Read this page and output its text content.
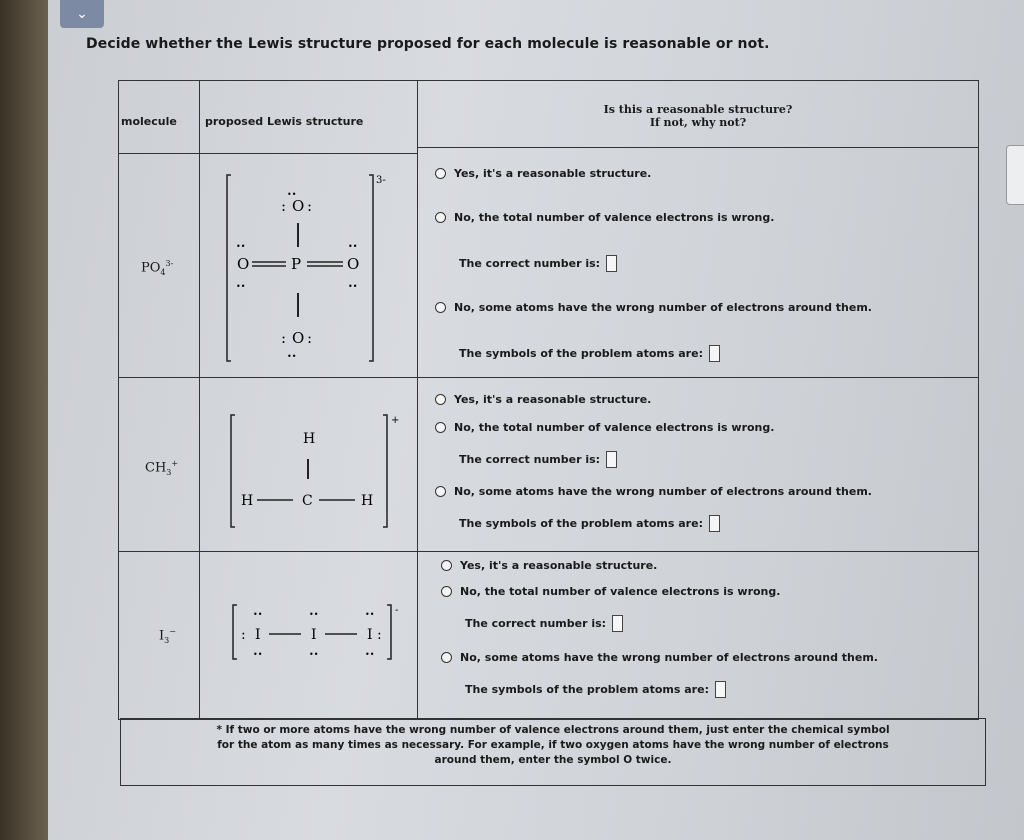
⌄
Decide whether the Lewis structure proposed for each molecule is reasonable or not.
molecule	proposed Lewis structure
Is this a reasonable structure?
If not, why not?
$PO_4^{3-}$
3-
••
: O :
••	••
O	P	O
••	••
: O :
••
Yes, it's a reasonable structure.
No, the total number of valence electrons is wrong.
The correct number is:
No, some atoms have the wrong number of electrons around them.
The symbols of the problem atoms are:
$CH_3^+$
+
H
H	C	H
Yes, it's a reasonable structure.
No, the total number of valence electrons is wrong.
The correct number is:
No, some atoms have the wrong number of electrons around them.
The symbols of the problem atoms are:
$I_3^-$
-
••	••	••
: I	I	I :
••	••	••
Yes, it's a reasonable structure.
No, the total number of valence electrons is wrong.
The correct number is:
No, some atoms have the wrong number of electrons around them.
The symbols of the problem atoms are:
* If two or more atoms have the wrong number of valence electrons around them, just enter the chemical symbol
for the atom as many times as necessary. For example, if two oxygen atoms have the wrong number of electrons
around them, enter the symbol O twice.
